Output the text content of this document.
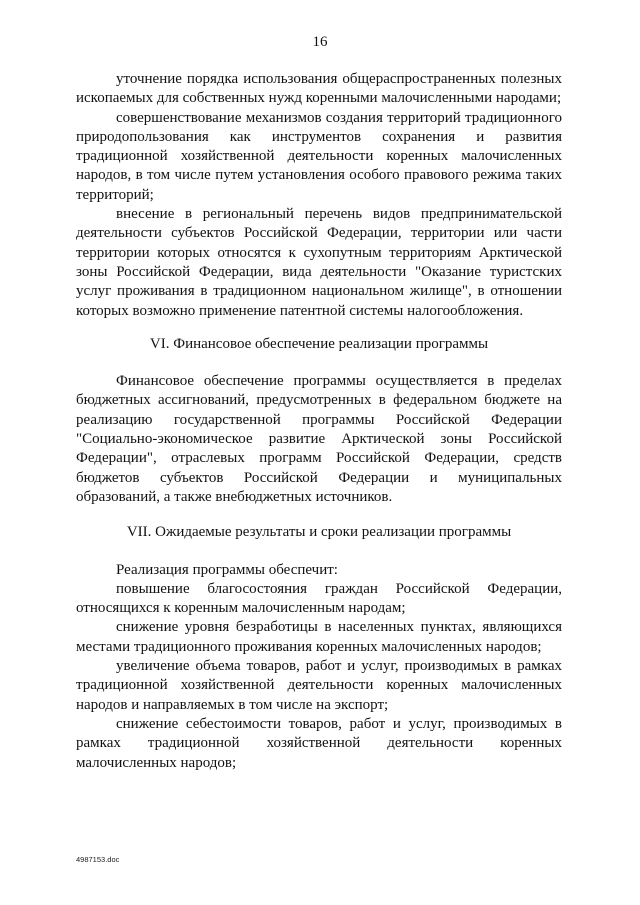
16

уточнение порядка использования общераспространенных полезных ископаемых для собственных нужд коренными малочисленными народами;

совершенствование механизмов создания территорий традиционного природопользования как инструментов сохранения и развития традиционной хозяйственной деятельности коренных малочисленных народов, в том числе путем установления особого правового режима таких территорий;

внесение в региональный перечень видов предпринимательской деятельности субъектов Российской Федерации, территории или части территории которых относятся к сухопутным территориям Арктической зоны Российской Федерации, вида деятельности "Оказание туристских услуг проживания в традиционном национальном жилище", в отношении которых возможно применение патентной системы налогообложения.

VI. Финансовое обеспечение реализации программы

Финансовое обеспечение программы осуществляется в пределах бюджетных ассигнований, предусмотренных в федеральном бюджете на реализацию государственной программы Российской Федерации "Социально-экономическое развитие Арктической зоны Российской Федерации", отраслевых программ Российской Федерации, средств бюджетов субъектов Российской Федерации и муниципальных образований, а также внебюджетных источников.

VII. Ожидаемые результаты и сроки реализации программы

Реализация программы обеспечит:

повышение благосостояния граждан Российской Федерации, относящихся к коренным малочисленным народам;

снижение уровня безработицы в населенных пунктах, являющихся местами традиционного проживания коренных малочисленных народов;

увеличение объема товаров, работ и услуг, производимых в рамках традиционной хозяйственной деятельности коренных малочисленных народов и направляемых в том числе на экспорт;

снижение себестоимости товаров, работ и услуг, производимых в рамках традиционной хозяйственной деятельности коренных малочисленных народов;

4987153.doc
